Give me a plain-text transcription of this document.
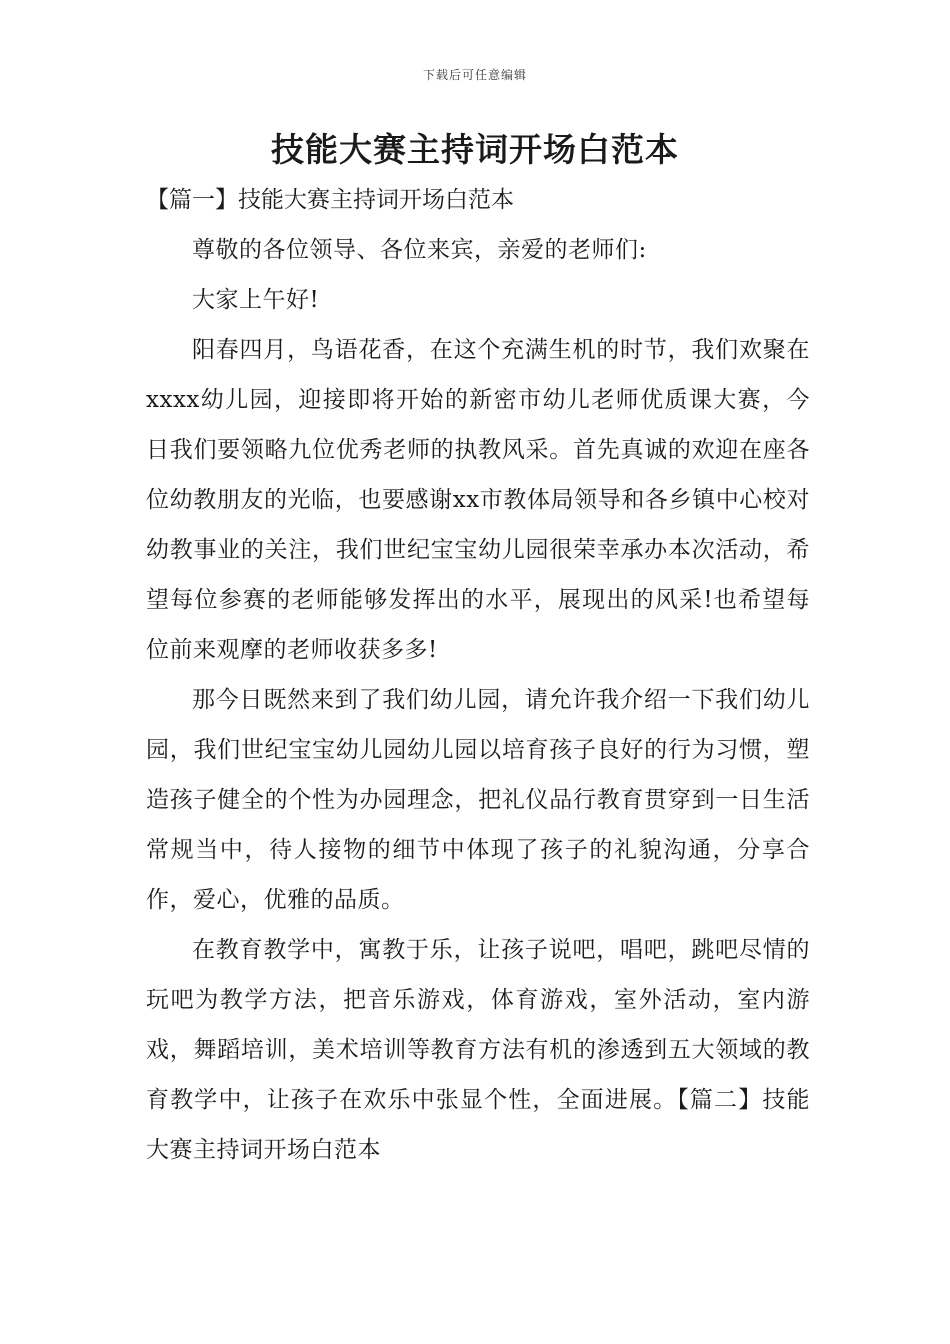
下载后可任意编辑
技能大赛主持词开场白范本

【篇一】技能大赛主持词开场白范本

尊敬的各位领导、各位来宾，亲爱的老师们:

大家上午好!

阳春四月，鸟语花香，在这个充满生机的时节，我们欢聚在xxxx幼儿园，迎接即将开始的新密市幼儿老师优质课大赛，今日我们要领略九位优秀老师的执教风采。首先真诚的欢迎在座各位幼教朋友的光临，也要感谢xx市教体局领导和各乡镇中心校对幼教事业的关注，我们世纪宝宝幼儿园很荣幸承办本次活动，希望每位参赛的老师能够发挥出的水平，展现出的风采!也希望每位前来观摩的老师收获多多!

那今日既然来到了我们幼儿园，请允许我介绍一下我们幼儿园，我们世纪宝宝幼儿园幼儿园以培育孩子良好的行为习惯，塑造孩子健全的个性为办园理念，把礼仪品行教育贯穿到一日生活常规当中，待人接物的细节中体现了孩子的礼貌沟通，分享合作，爱心，优雅的品质。

在教育教学中，寓教于乐，让孩子说吧，唱吧，跳吧尽情的玩吧为教学方法，把音乐游戏，体育游戏，室外活动，室内游戏，舞蹈培训，美术培训等教育方法有机的渗透到五大领域的教育教学中，让孩子在欢乐中张显个性，全面进展。【篇二】技能大赛主持词开场白范本
